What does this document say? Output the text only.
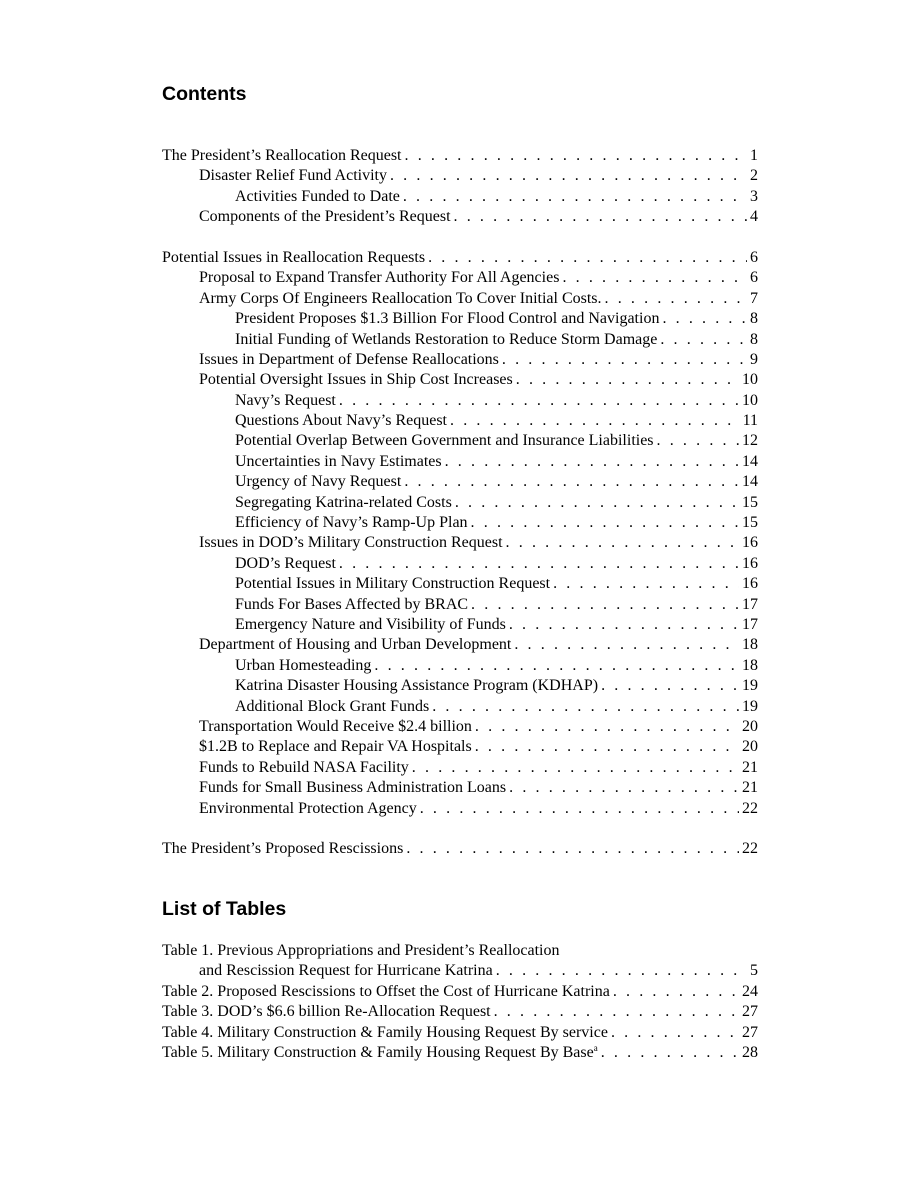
Contents
The President’s Reallocation Request . . .	1
Disaster Relief Fund Activity . . .	2
Activities Funded to Date . . .	3
Components of the President’s Request . . .	4
Potential Issues in Reallocation Requests . . .	6
Proposal to Expand Transfer Authority For All Agencies . . .	6
Army Corps Of Engineers Reallocation To Cover Initial Costs. . . .	7
President Proposes $1.3 Billion For Flood Control and Navigation . . .	8
Initial Funding of Wetlands Restoration to Reduce Storm Damage . . .	8
Issues in Department of Defense Reallocations . . .	9
Potential Oversight Issues in Ship Cost Increases . . .	10
Navy’s Request . . .	10
Questions About Navy’s Request . . .	11
Potential Overlap Between Government and Insurance Liabilities . . .	12
Uncertainties in Navy Estimates . . .	14
Urgency of Navy Request . . .	14
Segregating Katrina-related Costs . . .	15
Efficiency of Navy’s Ramp-Up Plan . . .	15
Issues in DOD’s Military Construction Request . . .	16
DOD’s Request . . .	16
Potential Issues in Military Construction Request . . .	16
Funds For Bases Affected by BRAC . . .	17
Emergency Nature and Visibility of Funds . . .	17
Department of Housing and Urban Development . . .	18
Urban Homesteading . . .	18
Katrina Disaster Housing Assistance Program (KDHAP) . . .	19
Additional Block Grant Funds . . .	19
Transportation Would Receive $2.4 billion . . .	20
$1.2B to Replace and Repair VA Hospitals . . .	20
Funds to Rebuild NASA Facility . . .	21
Funds for Small Business Administration Loans . . .	21
Environmental Protection Agency . . .	22
The President’s Proposed Rescissions . . .	22
List of Tables
Table 1. Previous Appropriations and President’s Reallocation
and Rescission Request for Hurricane Katrina . . .	5
Table 2. Proposed Rescissions to Offset the Cost of Hurricane Katrina . . .	24
Table 3. DOD’s $6.6 billion Re-Allocation Request . . .	27
Table 4. Military Construction & Family Housing Request By service . . .	27
Table 5. Military Construction & Family Housing Request By Base$^a$ . . .	28
